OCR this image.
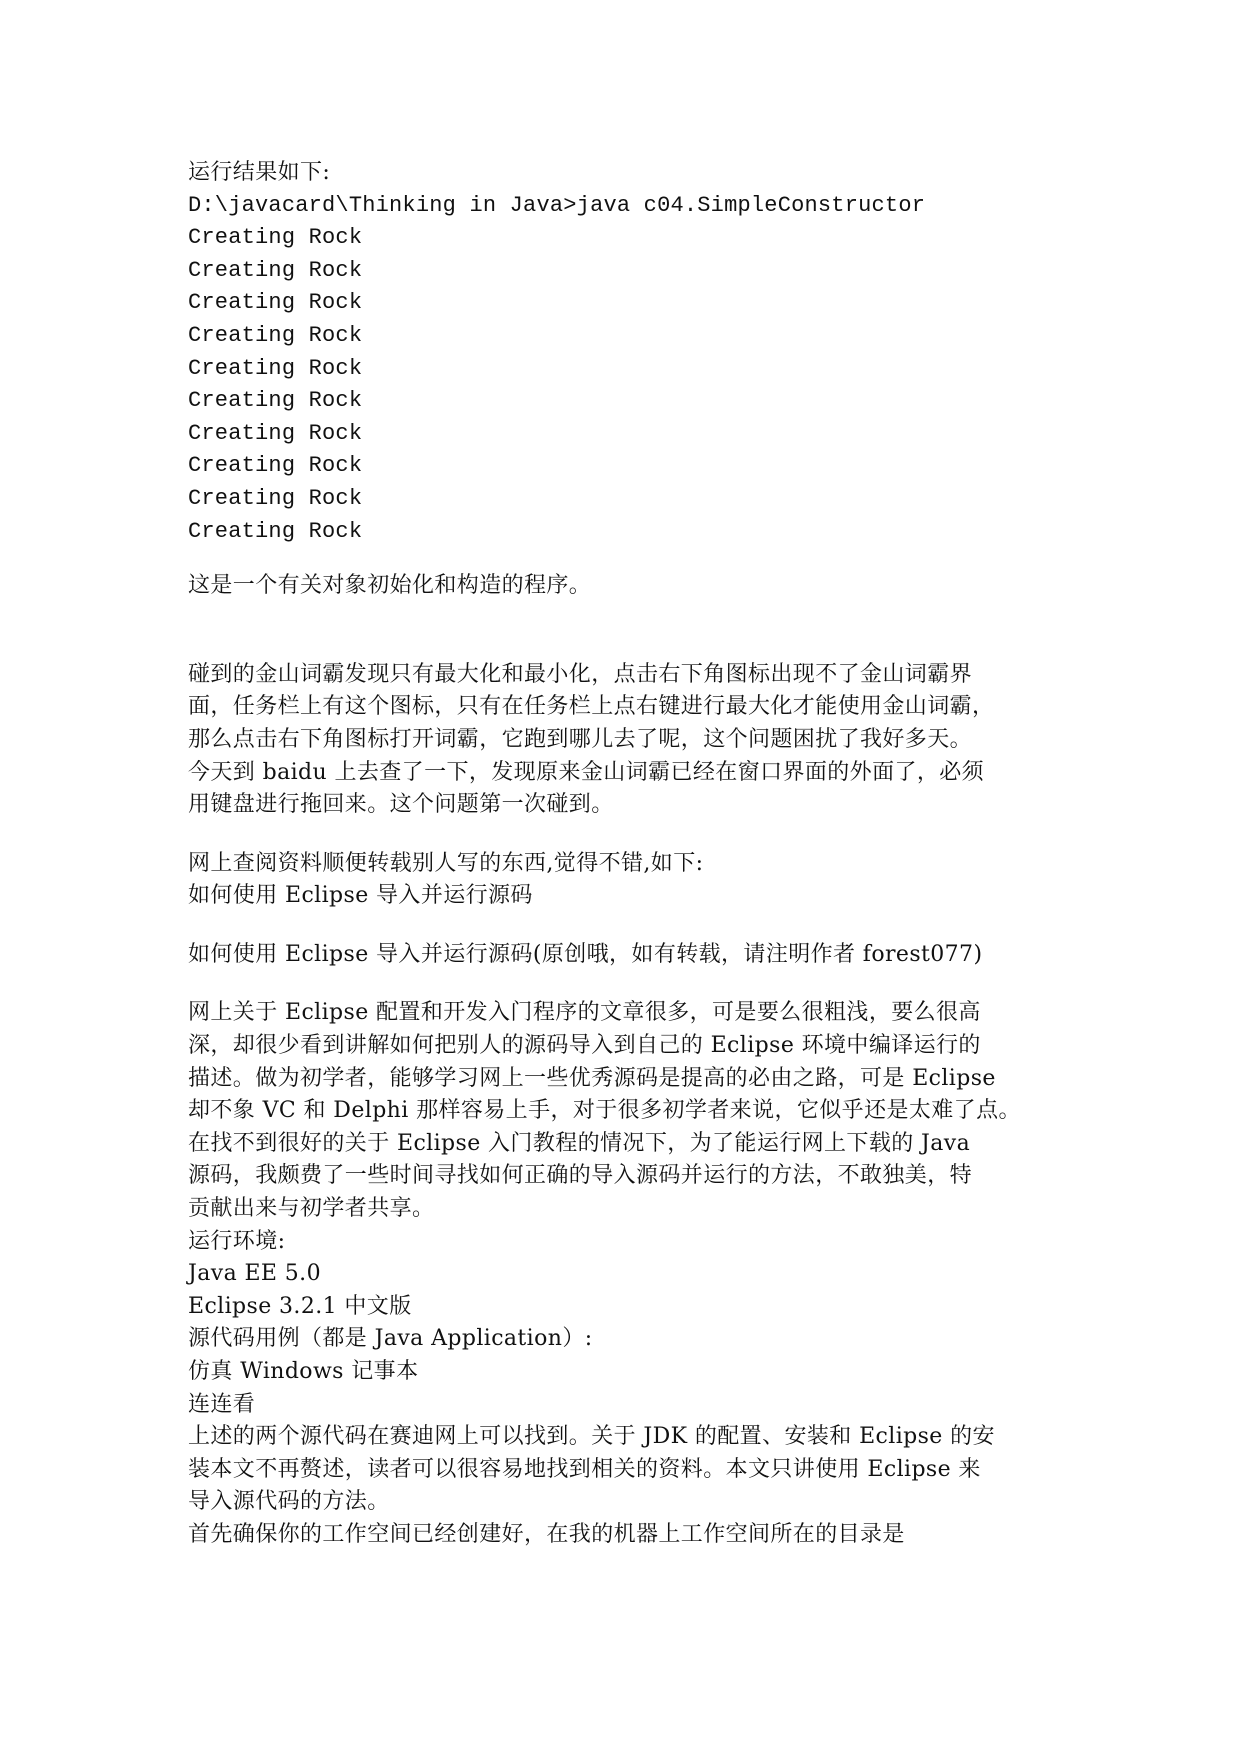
运行结果如下:
D:\javacard\Thinking in Java>java c04.SimpleConstructor
Creating Rock
Creating Rock
Creating Rock
Creating Rock
Creating Rock
Creating Rock
Creating Rock
Creating Rock
Creating Rock
Creating Rock
这是一个有关对象初始化和构造的程序。
碰到的金山词霸发现只有最大化和最小化，点击右下角图标出现不了金山词霸界
面，任务栏上有这个图标，只有在任务栏上点右键进行最大化才能使用金山词霸，
那么点击右下角图标打开词霸，它跑到哪儿去了呢，这个问题困扰了我好多天。
今天到 baidu 上去查了一下，发现原来金山词霸已经在窗口界面的外面了，必须
用键盘进行拖回来。这个问题第一次碰到。
网上查阅资料顺便转载别人写的东西,觉得不错,如下:
如何使用 Eclipse 导入并运行源码
如何使用 Eclipse 导入并运行源码(原创哦，如有转载，请注明作者 forest077)
网上关于 Eclipse 配置和开发入门程序的文章很多，可是要么很粗浅，要么很高
深，却很少看到讲解如何把别人的源码导入到自己的 Eclipse 环境中编译运行的
描述。做为初学者，能够学习网上一些优秀源码是提高的必由之路，可是 Eclipse
却不象 VC 和 Delphi 那样容易上手，对于很多初学者来说，它似乎还是太难了点。
在找不到很好的关于 Eclipse 入门教程的情况下，为了能运行网上下载的 Java
源码，我颇费了一些时间寻找如何正确的导入源码并运行的方法，不敢独美，特
贡献出来与初学者共享。
运行环境:
Java EE 5.0
Eclipse 3.2.1 中文版
源代码用例（都是 Java Application）:
仿真 Windows 记事本
连连看
上述的两个源代码在赛迪网上可以找到。关于 JDK 的配置、安装和 Eclipse 的安
装本文不再赘述，读者可以很容易地找到相关的资料。本文只讲使用 Eclipse 来
导入源代码的方法。
首先确保你的工作空间已经创建好，在我的机器上工作空间所在的目录是
